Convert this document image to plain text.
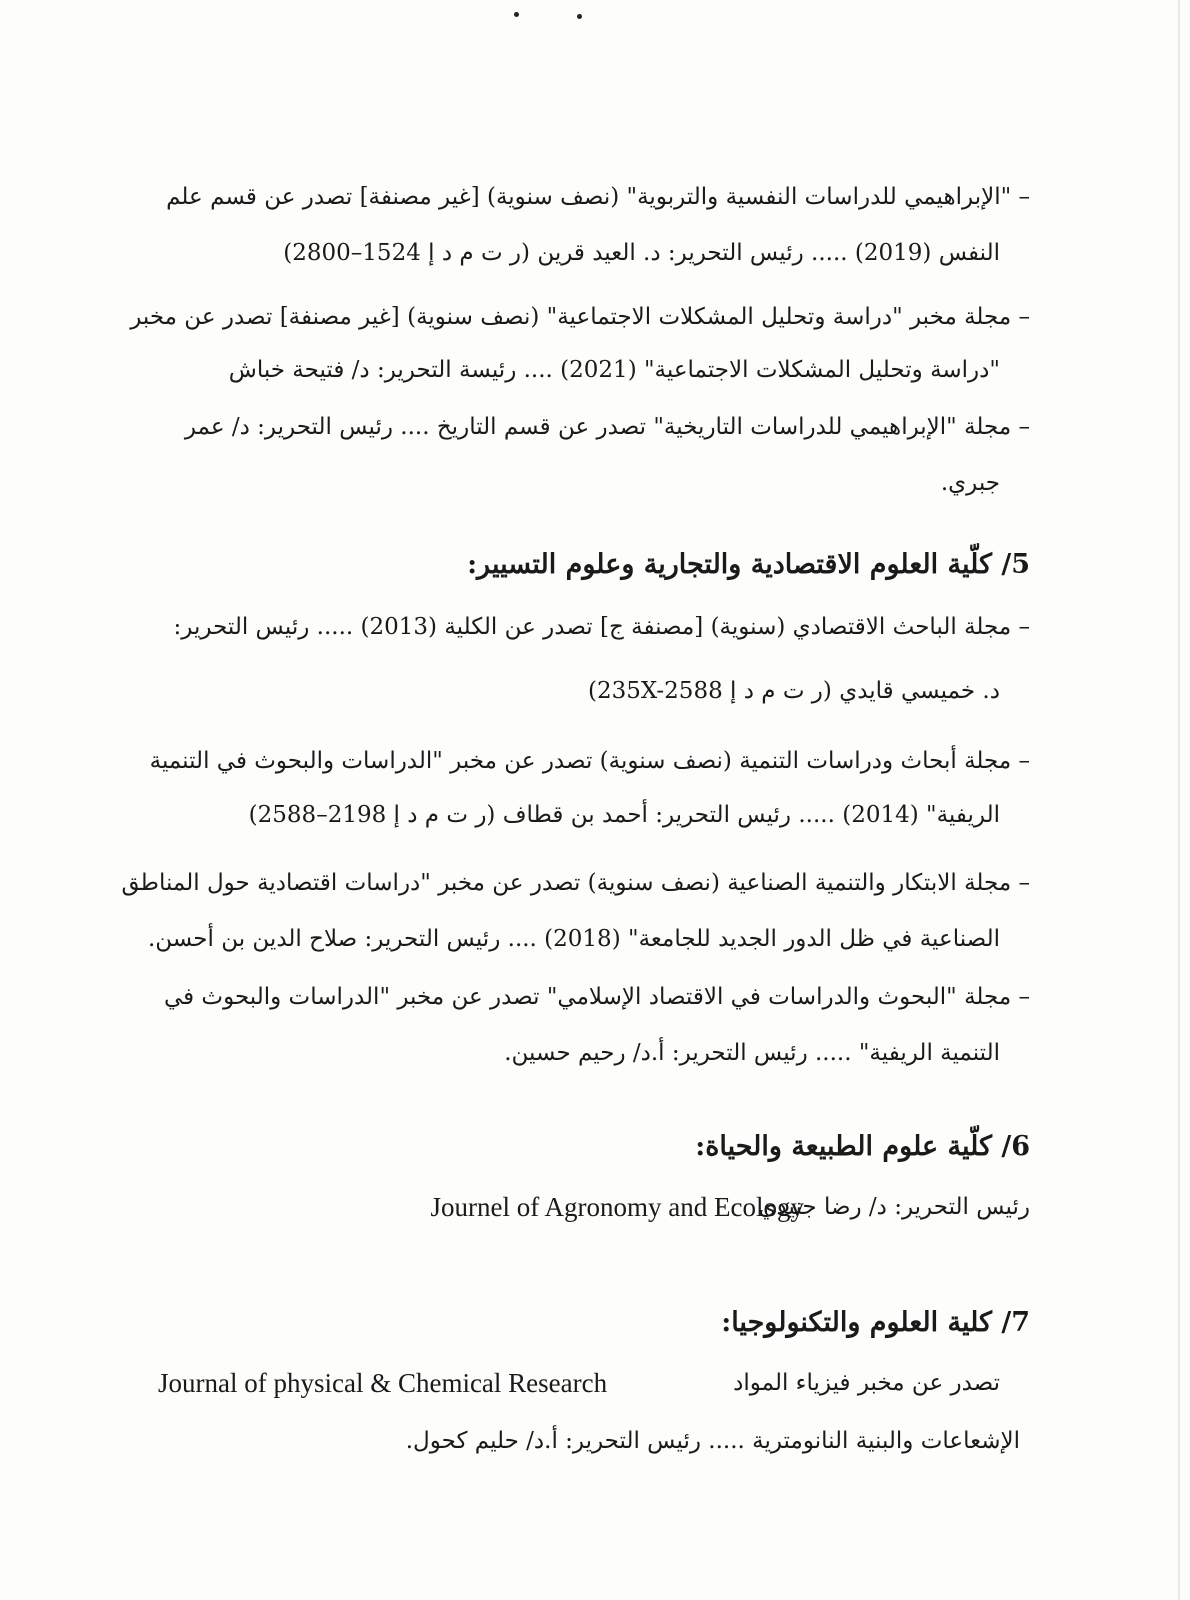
– "الإبراهيمي للدراسات النفسية والتربوية" (نصف سنوية) [غير مصنفة] تصدر عن قسم علم
النفس (2019) ..... رئيس التحرير: د. العيد قرين (ر ت م د إ 1524–2800)
– مجلة مخبر "دراسة وتحليل المشكلات الاجتماعية" (نصف سنوية) [غير مصنفة] تصدر عن مخبر
"دراسة وتحليل المشكلات الاجتماعية" (2021) .... رئيسة التحرير: د/ فتيحة خباش
– مجلة "الإبراهيمي للدراسات التاريخية" تصدر عن قسم التاريخ .... رئيس التحرير: د/ عمر
جبري.
5/ كلّية العلوم الاقتصادية والتجارية وعلوم التسيير:
– مجلة الباحث الاقتصادي (سنوية) [مصنفة ج] تصدر عن الكلية (2013) ..... رئيس التحرير:
د. خميسي قايدي (ر ت م د إ 235X-2588)
– مجلة أبحاث ودراسات التنمية (نصف سنوية) تصدر عن مخبر "الدراسات والبحوث في التنمية
الريفية" (2014) ..... رئيس التحرير: أحمد بن قطاف (ر ت م د إ 2198–2588)
– مجلة الابتكار والتنمية الصناعية (نصف سنوية) تصدر عن مخبر "دراسات اقتصادية حول المناطق
الصناعية في ظل الدور الجديد للجامعة" (2018) .... رئيس التحرير: صلاح الدين بن أحسن.
– مجلة "البحوث والدراسات في الاقتصاد الإسلامي" تصدر عن مخبر "الدراسات والبحوث في
التنمية الريفية" ..... رئيس التحرير: أ.د/ رحيم حسين.
6/ كلّية علوم الطبيعة والحياة:
رئيس التحرير: د/ رضا جنيدي
Journel of Agronomy and Ecology
7/ كلية العلوم والتكنولوجيا:
تصدر عن مخبر فيزياء المواد
Journal of physical & Chemical Research
الإشعاعات والبنية النانومترية ..... رئيس التحرير: أ.د/ حليم كحول.
